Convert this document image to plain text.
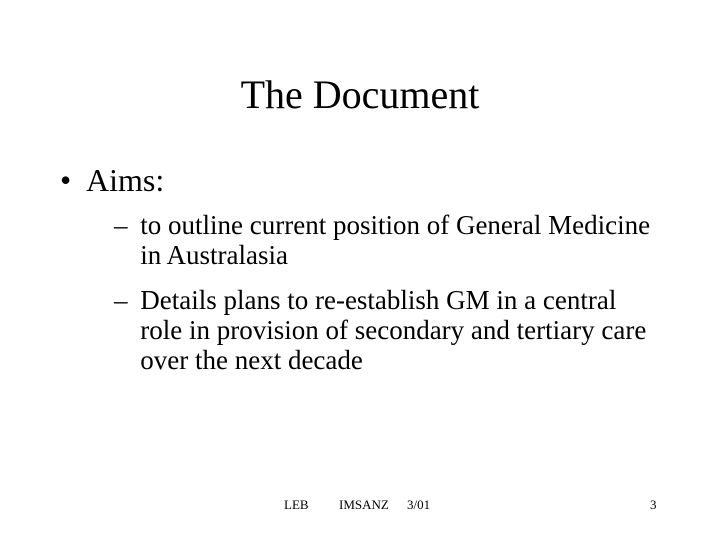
The Document
• Aims:
– to outline current position of General Medicine
in Australasia
– Details plans to re-establish GM in a central
role in provision of secondary and tertiary care
over the next decade
LEB IMSANZ 3/01	3
